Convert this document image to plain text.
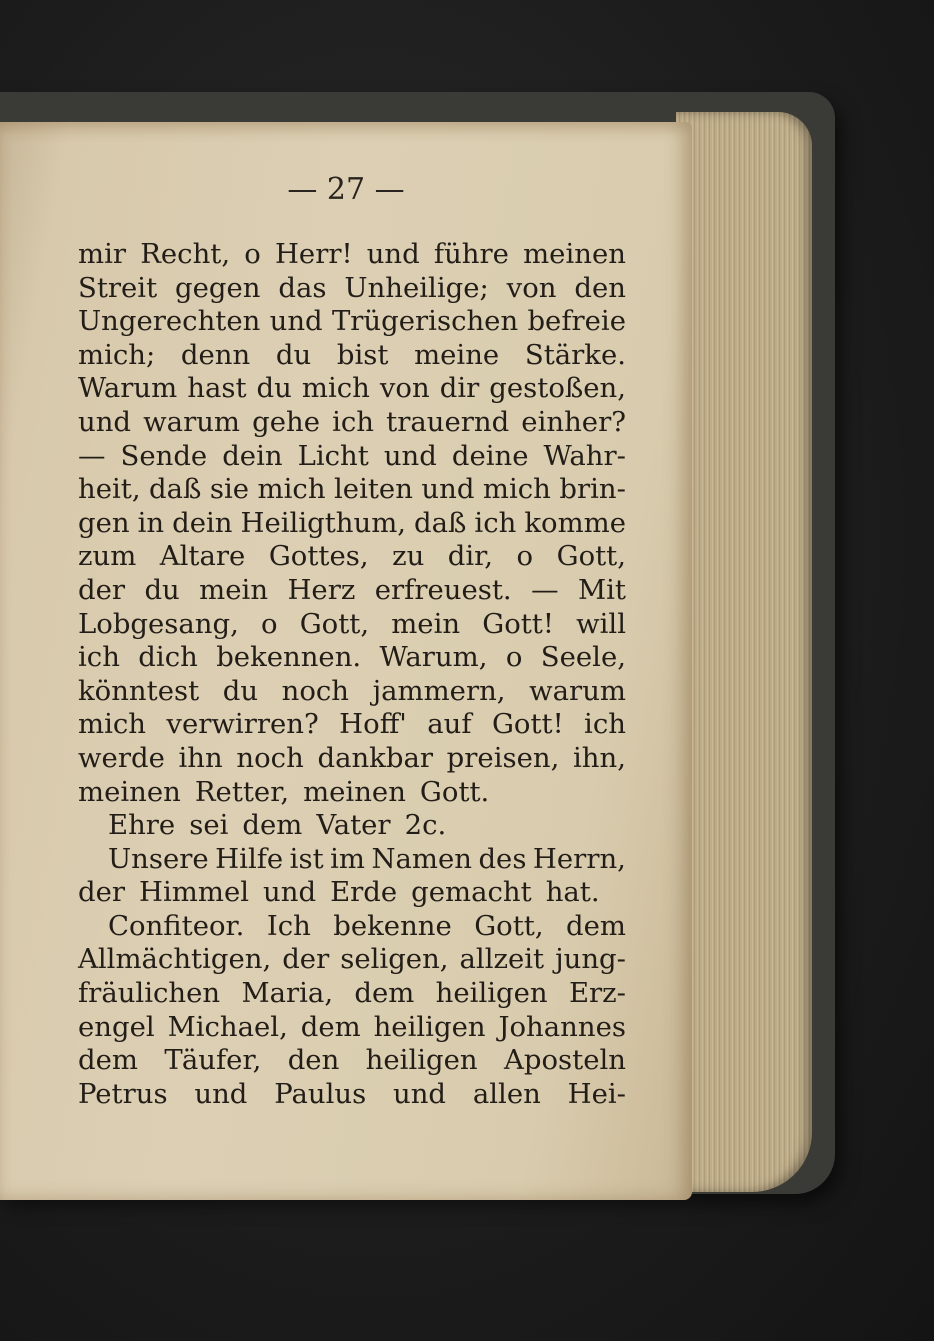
— 27 —

mir Recht, o Herr! und führe meinen
Streit gegen das Unheilige; von den
Ungerechten und Trügerischen befreie
mich; denn du bist meine Stärke.
Warum hast du mich von dir gestoßen,
und warum gehe ich trauernd einher?
— Sende dein Licht und deine Wahr-
heit, daß sie mich leiten und mich brin-
gen in dein Heiligthum, daß ich komme
zum Altare Gottes, zu dir, o Gott,
der du mein Herz erfreuest. — Mit
Lobgesang, o Gott, mein Gott! will
ich dich bekennen. Warum, o Seele,
könntest du noch jammern, warum
mich verwirren? Hoff' auf Gott! ich
werde ihn noch dankbar preisen, ihn,
meinen Retter, meinen Gott.
Ehre sei dem Vater 2c.
Unsere Hilfe ist im Namen des Herrn,
der Himmel und Erde gemacht hat.
Confiteor. Ich bekenne Gott, dem
Allmächtigen, der seligen, allzeit jung-
fräulichen Maria, dem heiligen Erz-
engel Michael, dem heiligen Johannes
dem Täufer, den heiligen Aposteln
Petrus und Paulus und allen Hei-
